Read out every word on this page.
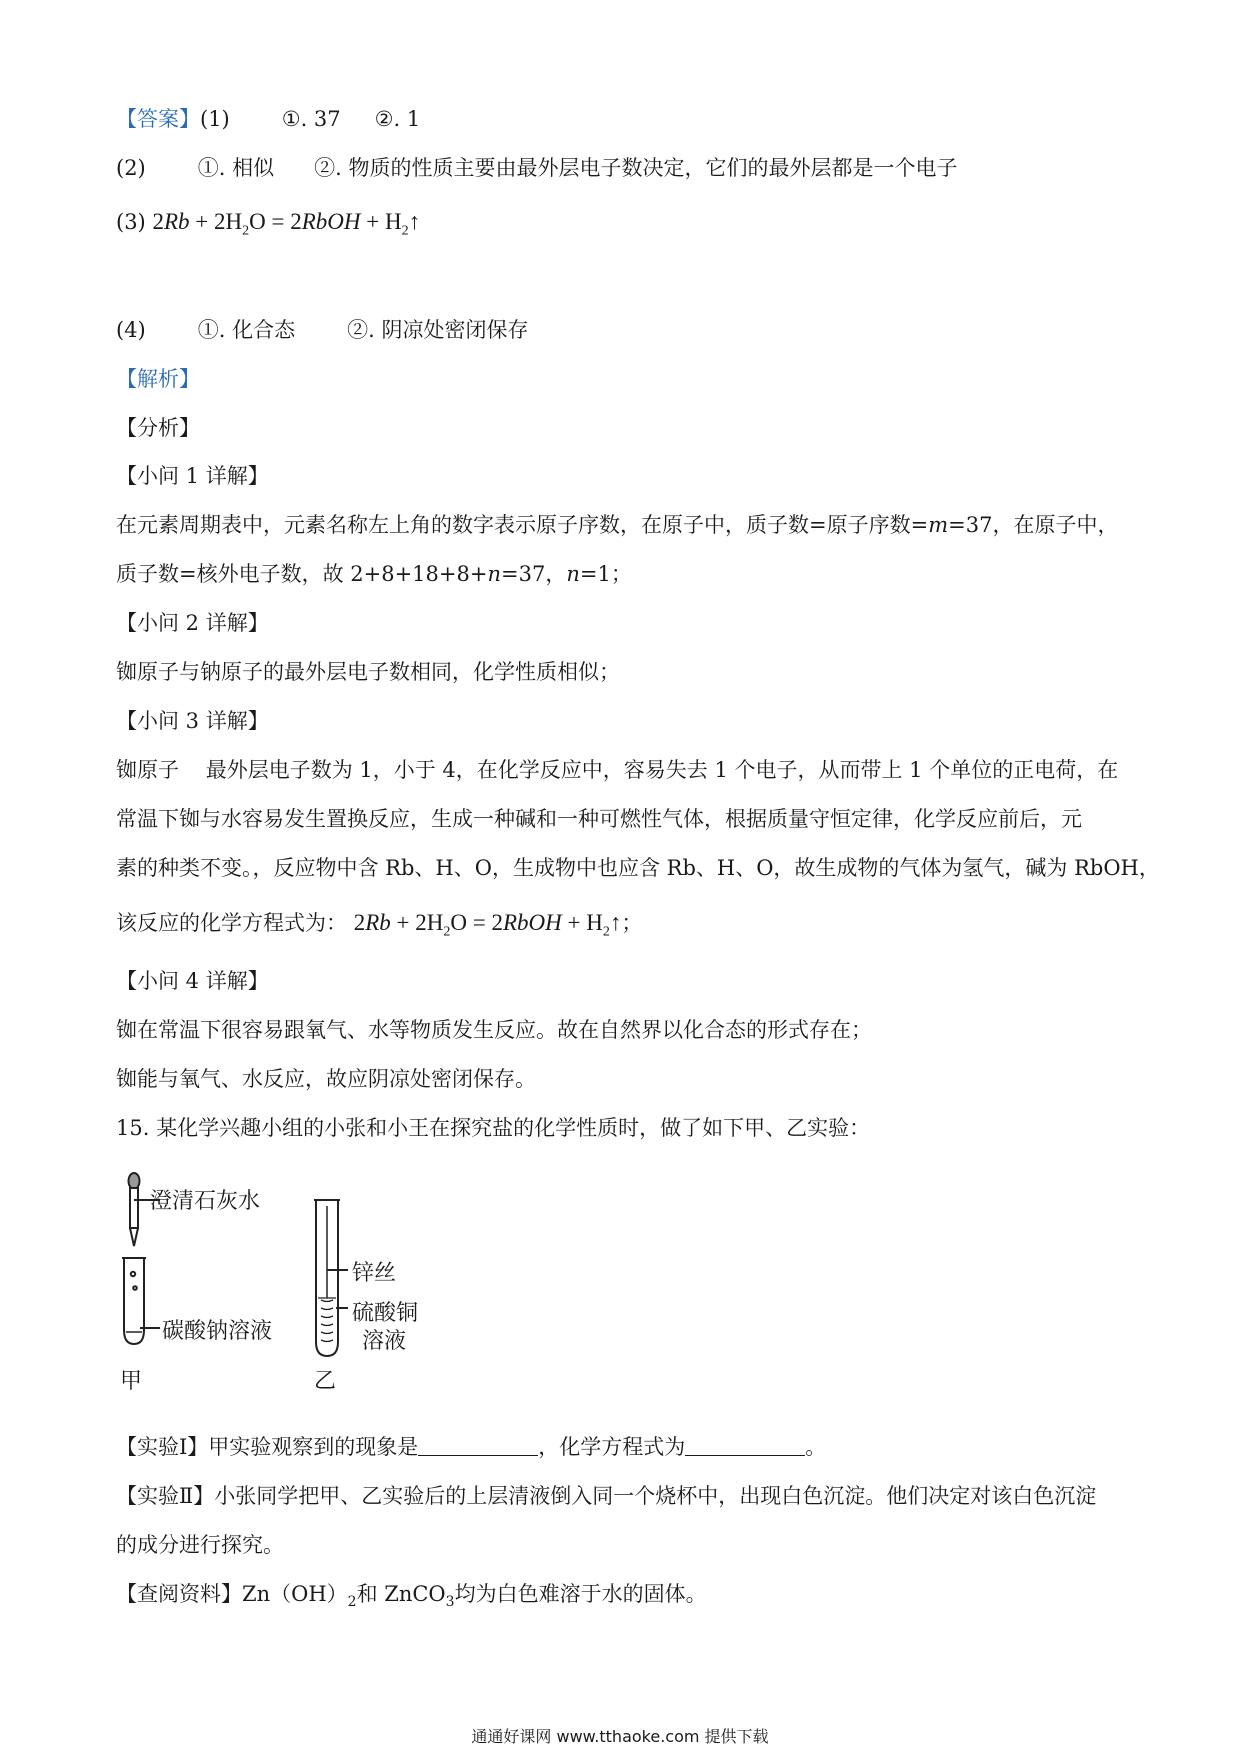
【答案】(1) ①. 37 ②. 1
(2) ①. 相似 ②. 物质的性质主要由最外层电子数决定，它们的最外层都是一个电子
(3) $2Rb + 2H_2O$ = 2RbOH + $H_2↑$
(4) ①. 化合态 ②. 阴凉处密闭保存
【解析】
【分析】
【小问 1 详解】
在元素周期表中，元素名称左上角的数字表示原子序数，在原子中，质子数=原子序数=m=37，在原子中，
质子数=核外电子数，故 2+8+18+8+n=37，n=1；
【小问 2 详解】
铷原子与钠原子的最外层电子数相同，化学性质相似；
【小问 3 详解】
铷原子    最外层电子数为 1，小于 4，在化学反应中，容易失去 1 个电子，从而带上 1 个单位的正电荷，在
常温下铷与水容易发生置换反应，生成一种碱和一种可燃性气体，根据质量守恒定律，化学反应前后，元
素的种类不变。，反应物中含 Rb、H、O，生成物中也应含 Rb、H、O，故生成物的气体为氢气，碱为 RbOH，
该反应的化学方程式为： $2Rb + 2H_2O$ = 2RbOH + $H_2↑$；
【小问 4 详解】
铷在常温下很容易跟氧气、水等物质发生反应。故在自然界以化合态的形式存在；
铷能与氧气、水反应，故应阴凉处密闭保存。
15. 某化学兴趣小组的小张和小王在探究盐的化学性质时，做了如下甲、乙实验：
澄清石灰水
碳酸钠溶液
甲
锌丝
硫酸铜
溶液
乙
【实验Ⅰ】甲实验观察到的现象是	，化学方程式为	。
【实验Ⅱ】小张同学把甲、乙实验后的上层清液倒入同一个烧杯中，出现白色沉淀。他们决定对该白色沉淀
的成分进行探究。
【查阅资料】$Zn(OH)_2$和 ZnCO$_3$均为白色难溶于水的固体。
通通好课网 www.tthaoke.com 提供下载
